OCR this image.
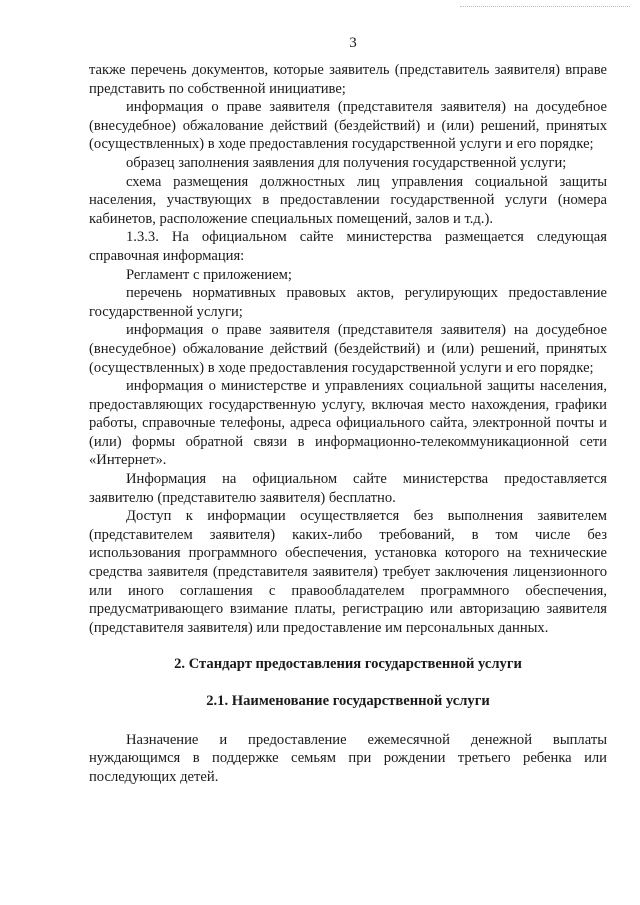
3

также перечень документов, которые заявитель (представитель заявителя) вправе представить по собственной инициативе;

информация о праве заявителя (представителя заявителя) на досудебное (внесудебное) обжалование действий (бездействий) и (или) решений, принятых (осуществленных) в ходе предоставления государственной услуги и его порядке;

образец заполнения заявления для получения государственной услуги;

схема размещения должностных лиц управления социальной защиты населения, участвующих в предоставлении государственной услуги (номера кабинетов, расположение специальных помещений, залов и т.д.).

1.3.3. На официальном сайте министерства размещается следующая справочная информация:

Регламент с приложением;

перечень нормативных правовых актов, регулирующих предоставление государственной услуги;

информация о праве заявителя (представителя заявителя) на досудебное (внесудебное) обжалование действий (бездействий) и (или) решений, принятых (осуществленных) в ходе предоставления государственной услуги и его порядке;

информация о министерстве и управлениях социальной защиты населения, предоставляющих государственную услугу, включая место нахождения, графики работы, справочные телефоны, адреса официального сайта, электронной почты и (или) формы обратной связи в информационно-телекоммуникационной сети «Интернет».

Информация на официальном сайте министерства предоставляется заявителю (представителю заявителя) бесплатно.

Доступ к информации осуществляется без выполнения заявителем (представителем заявителя) каких-либо требований, в том числе без использования программного обеспечения, установка которого на технические средства заявителя (представителя заявителя) требует заключения лицензионного или иного соглашения с правообладателем программного обеспечения, предусматривающего взимание платы, регистрацию или авторизацию заявителя (представителя заявителя) или предоставление им персональных данных.

2. Стандарт предоставления государственной услуги
2.1. Наименование государственной услуги

Назначение и предоставление ежемесячной денежной выплаты нуждающимся в поддержке семьям при рождении третьего ребенка или последующих детей.
